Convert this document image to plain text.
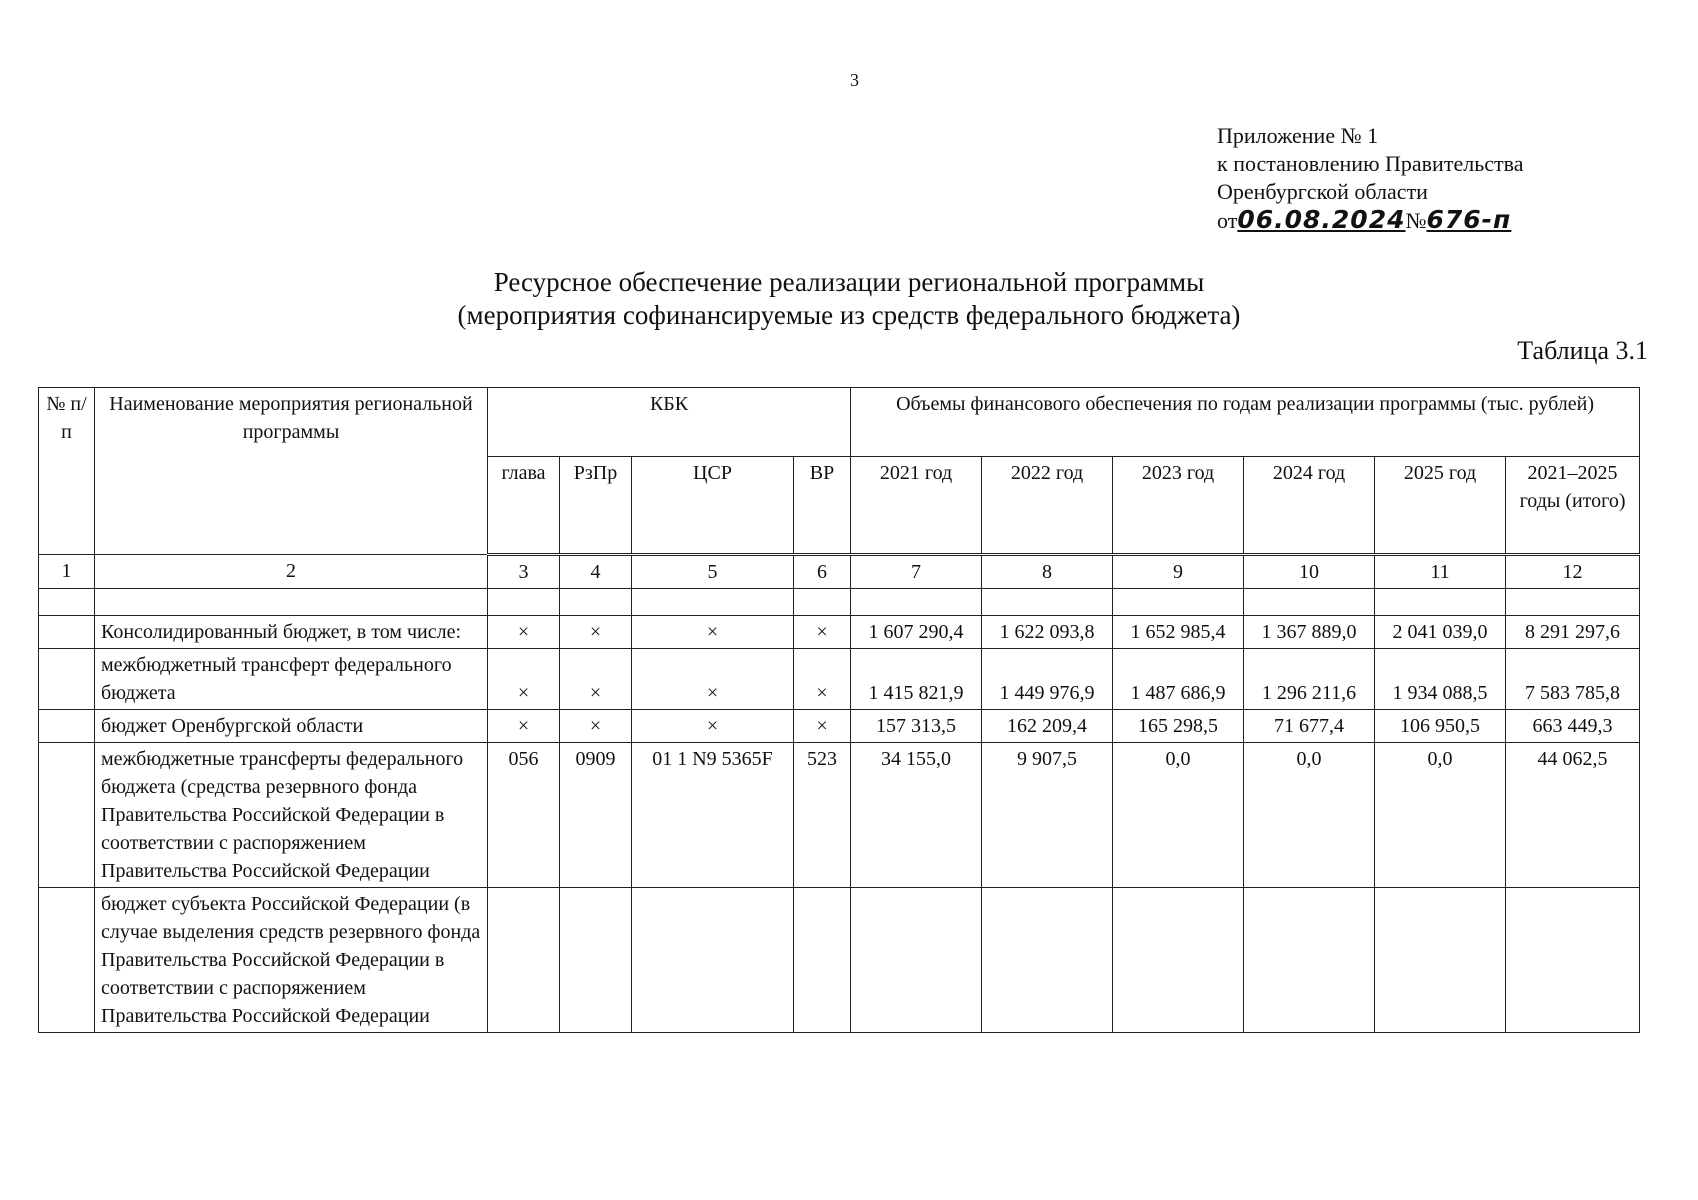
3
Приложение № 1
к постановлению Правительства
Оренбургской области
от06.08.2024№676-п
Ресурсное обеспечение реализации региональной программы
(мероприятия софинансируемые из средств федерального бюджета)
Таблица 3.1
№ п/п	Наименование мероприятия региональной программы	КБК				Объемы финансового обеспечения по годам реализации программы (тыс. рублей)					
		глава	РзПр	ЦСР	ВР	2021 год	2022 год	2023 год	2024 год	2025 год	2021–2025 годы (итого)
1	2	3	4	5	6	7	8	9	10	11	12

	Консолидированный бюджет, в том числе:	×	×	×	×	1 607 290,4	1 622 093,8	1 652 985,4	1 367 889,0	2 041 039,0	8 291 297,6
	межбюджетный трансферт федерального бюджета	×	×	×	×	1 415 821,9	1 449 976,9	1 487 686,9	1 296 211,6	1 934 088,5	7 583 785,8
	бюджет Оренбургской области	×	×	×	×	157 313,5	162 209,4	165 298,5	71 677,4	106 950,5	663 449,3
	межбюджетные трансферты федерального бюджета (средства резервного фонда Правительства Российской Федерации в соответствии с распоряжением Правительства Российской Федерации	056	0909	01 1 N9 5365F	523	34 155,0	9 907,5	0,0	0,0	0,0	44 062,5
	бюджет субъекта Российской Федерации (в случае выделения средств резервного фонда Правительства Российской Федерации в соответствии с распоряжением Правительства Российской Федерации										
